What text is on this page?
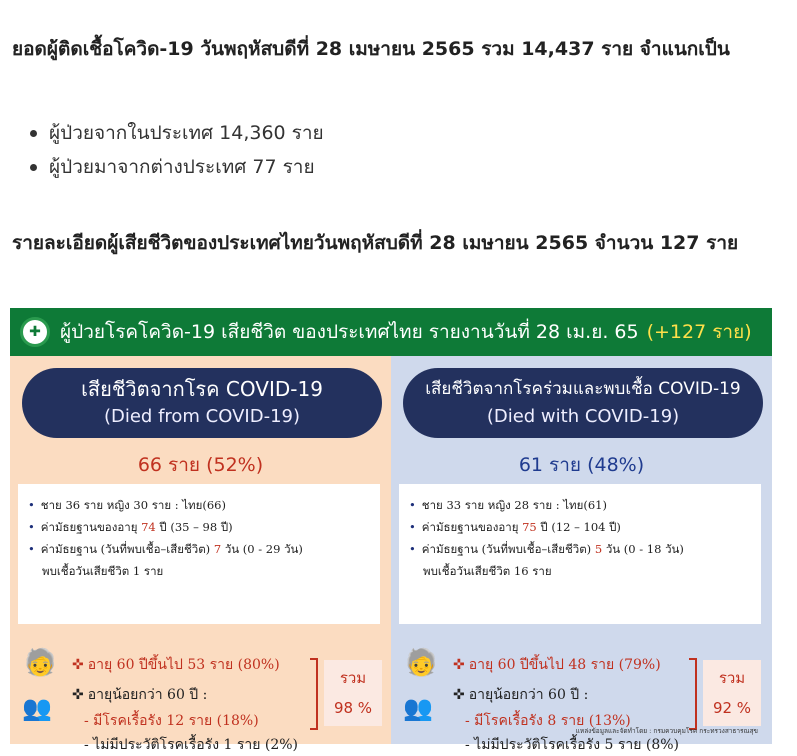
ยอดผู้ติดเชื้อโควิด-19 วันพฤหัสบดีที่ 28 เมษายน 2565 รวม 14,437 ราย จำแนกเป็น
ผู้ป่วยจากในประเทศ 14,360 ราย
ผู้ป่วยมาจากต่างประเทศ 77 ราย
รายละเอียดผู้เสียชีวิตของประเทศไทยวันพฤหัสบดีที่ 28 เมษายน 2565 จำนวน 127 ราย
✚	ผู้ป่วยโรคโควิด-19 เสียชีวิต ของประเทศไทย รายงานวันที่ 28 เม.ย. 65 (+127 ราย)
เสียชีวิตจากโรค COVID-19
(Died from COVID-19)
66 ราย (52%)
• ชาย 36 ราย หญิง 30 ราย : ไทย(66)
• ค่ามัธยฐานของอายุ
74
ปี (35 – 98 ปี)
• ค่ามัธยฐาน (วันที่พบเชื้อ–เสียชีวิต)
7
วัน (0 - 29 วัน)
พบเชื้อวันเสียชีวิต 1 ราย
🧓
👥
✜ อายุ 60 ปีขึ้นไป 53 ราย (80%)
✜ อายุน้อยกว่า 60 ปี :
- มีโรคเรื้อรัง 12 ราย (18%)
- ไม่มีประวัติโรคเรื้อรัง 1 ราย (2%)
รวม
98 %
เสียชีวิตจากโรคร่วมและพบเชื้อ COVID-19
(Died with COVID-19)
61 ราย (48%)
• ชาย 33 ราย หญิง 28 ราย : ไทย(61)
• ค่ามัธยฐานของอายุ
75
ปี (12 – 104 ปี)
• ค่ามัธยฐาน (วันที่พบเชื้อ–เสียชีวิต)
5
วัน (0 - 18 วัน)
พบเชื้อวันเสียชีวิต 16 ราย
🧓
👥
✜ อายุ 60 ปีขึ้นไป 48 ราย (79%)
✜ อายุน้อยกว่า 60 ปี :
- มีโรคเรื้อรัง 8 ราย (13%)
- ไม่มีประวัติโรคเรื้อรัง 5 ราย (8%)
รวม
92 %
แหล่งข้อมูลและจัดทำโดย : กรมควบคุมโรค กระทรวงสาธารณสุข
